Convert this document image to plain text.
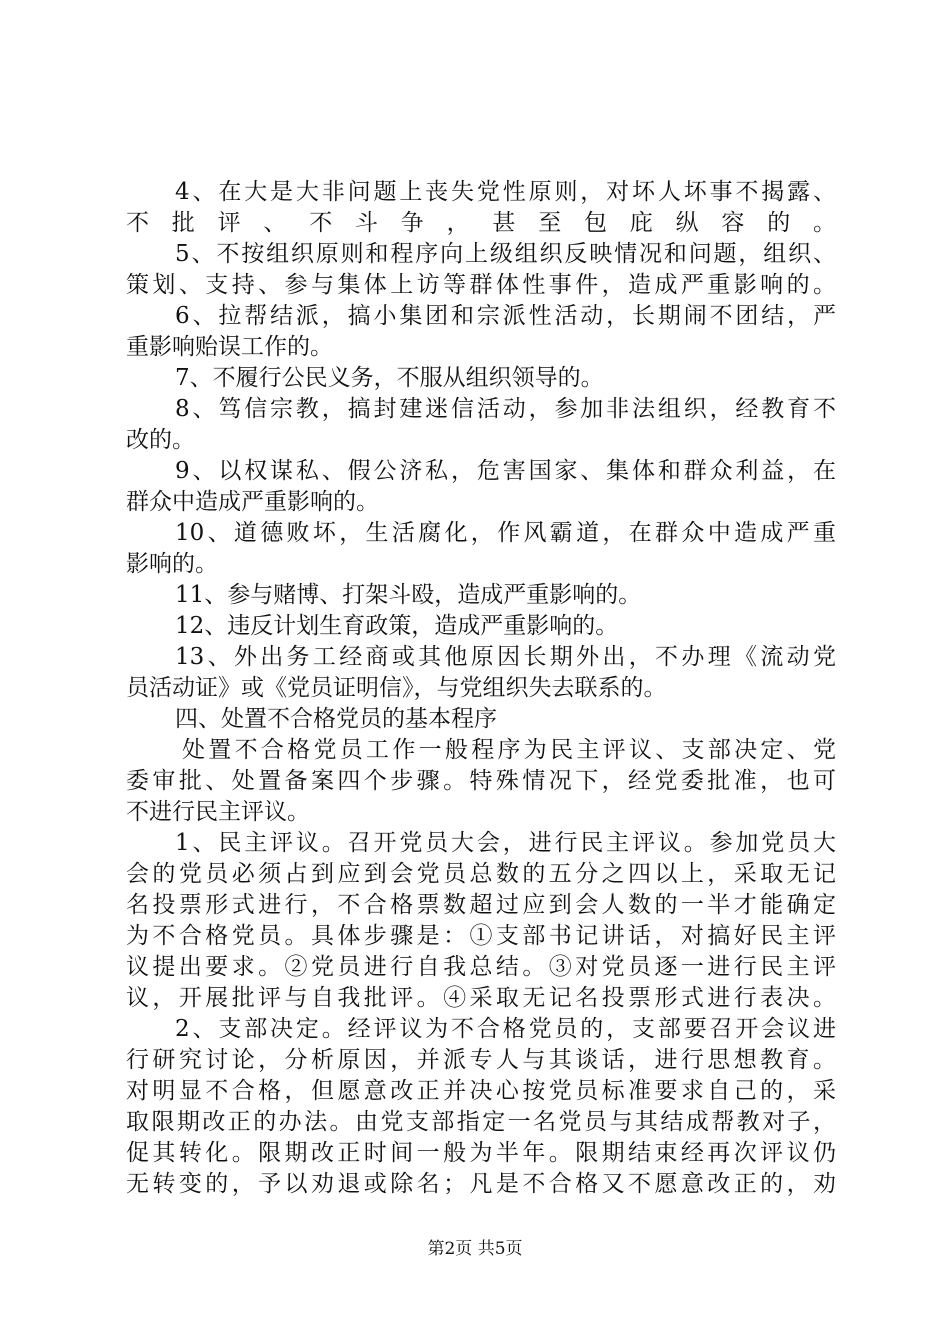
4、在大是大非问题上丧失党性原则，对坏人坏事不揭露、
不批评、不斗争，甚至包庇纵容的。
5、不按组织原则和程序向上级组织反映情况和问题，组织、
策划、支持、参与集体上访等群体性事件，造成严重影响的。
6、拉帮结派，搞小集团和宗派性活动，长期闹不团结，严
重影响贻误工作的。
7、不履行公民义务，不服从组织领导的。
8、笃信宗教，搞封建迷信活动，参加非法组织，经教育不
改的。
9、以权谋私、假公济私，危害国家、集体和群众利益，在
群众中造成严重影响的。
10、道德败坏，生活腐化，作风霸道，在群众中造成严重
影响的。
11、参与赌博、打架斗殴，造成严重影响的。
12、违反计划生育政策，造成严重影响的。
13、外出务工经商或其他原因长期外出，不办理《流动党
员活动证》或《党员证明信》，与党组织失去联系的。
四、处置不合格党员的基本程序
处置不合格党员工作一般程序为民主评议、支部决定、党
委审批、处置备案四个步骤。特殊情况下，经党委批准，也可
不进行民主评议。
1、民主评议。召开党员大会，进行民主评议。参加党员大
会的党员必须占到应到会党员总数的五分之四以上，采取无记
名投票形式进行，不合格票数超过应到会人数的一半才能确定
为不合格党员。具体步骤是：①支部书记讲话，对搞好民主评
议提出要求。②党员进行自我总结。③对党员逐一进行民主评
议，开展批评与自我批评。④采取无记名投票形式进行表决。
2、支部决定。经评议为不合格党员的，支部要召开会议进
行研究讨论，分析原因，并派专人与其谈话，进行思想教育。
对明显不合格，但愿意改正并决心按党员标准要求自己的，采
取限期改正的办法。由党支部指定一名党员与其结成帮教对子，
促其转化。限期改正时间一般为半年。限期结束经再次评议仍
无转变的，予以劝退或除名；凡是不合格又不愿意改正的，劝
第2页 共5页
